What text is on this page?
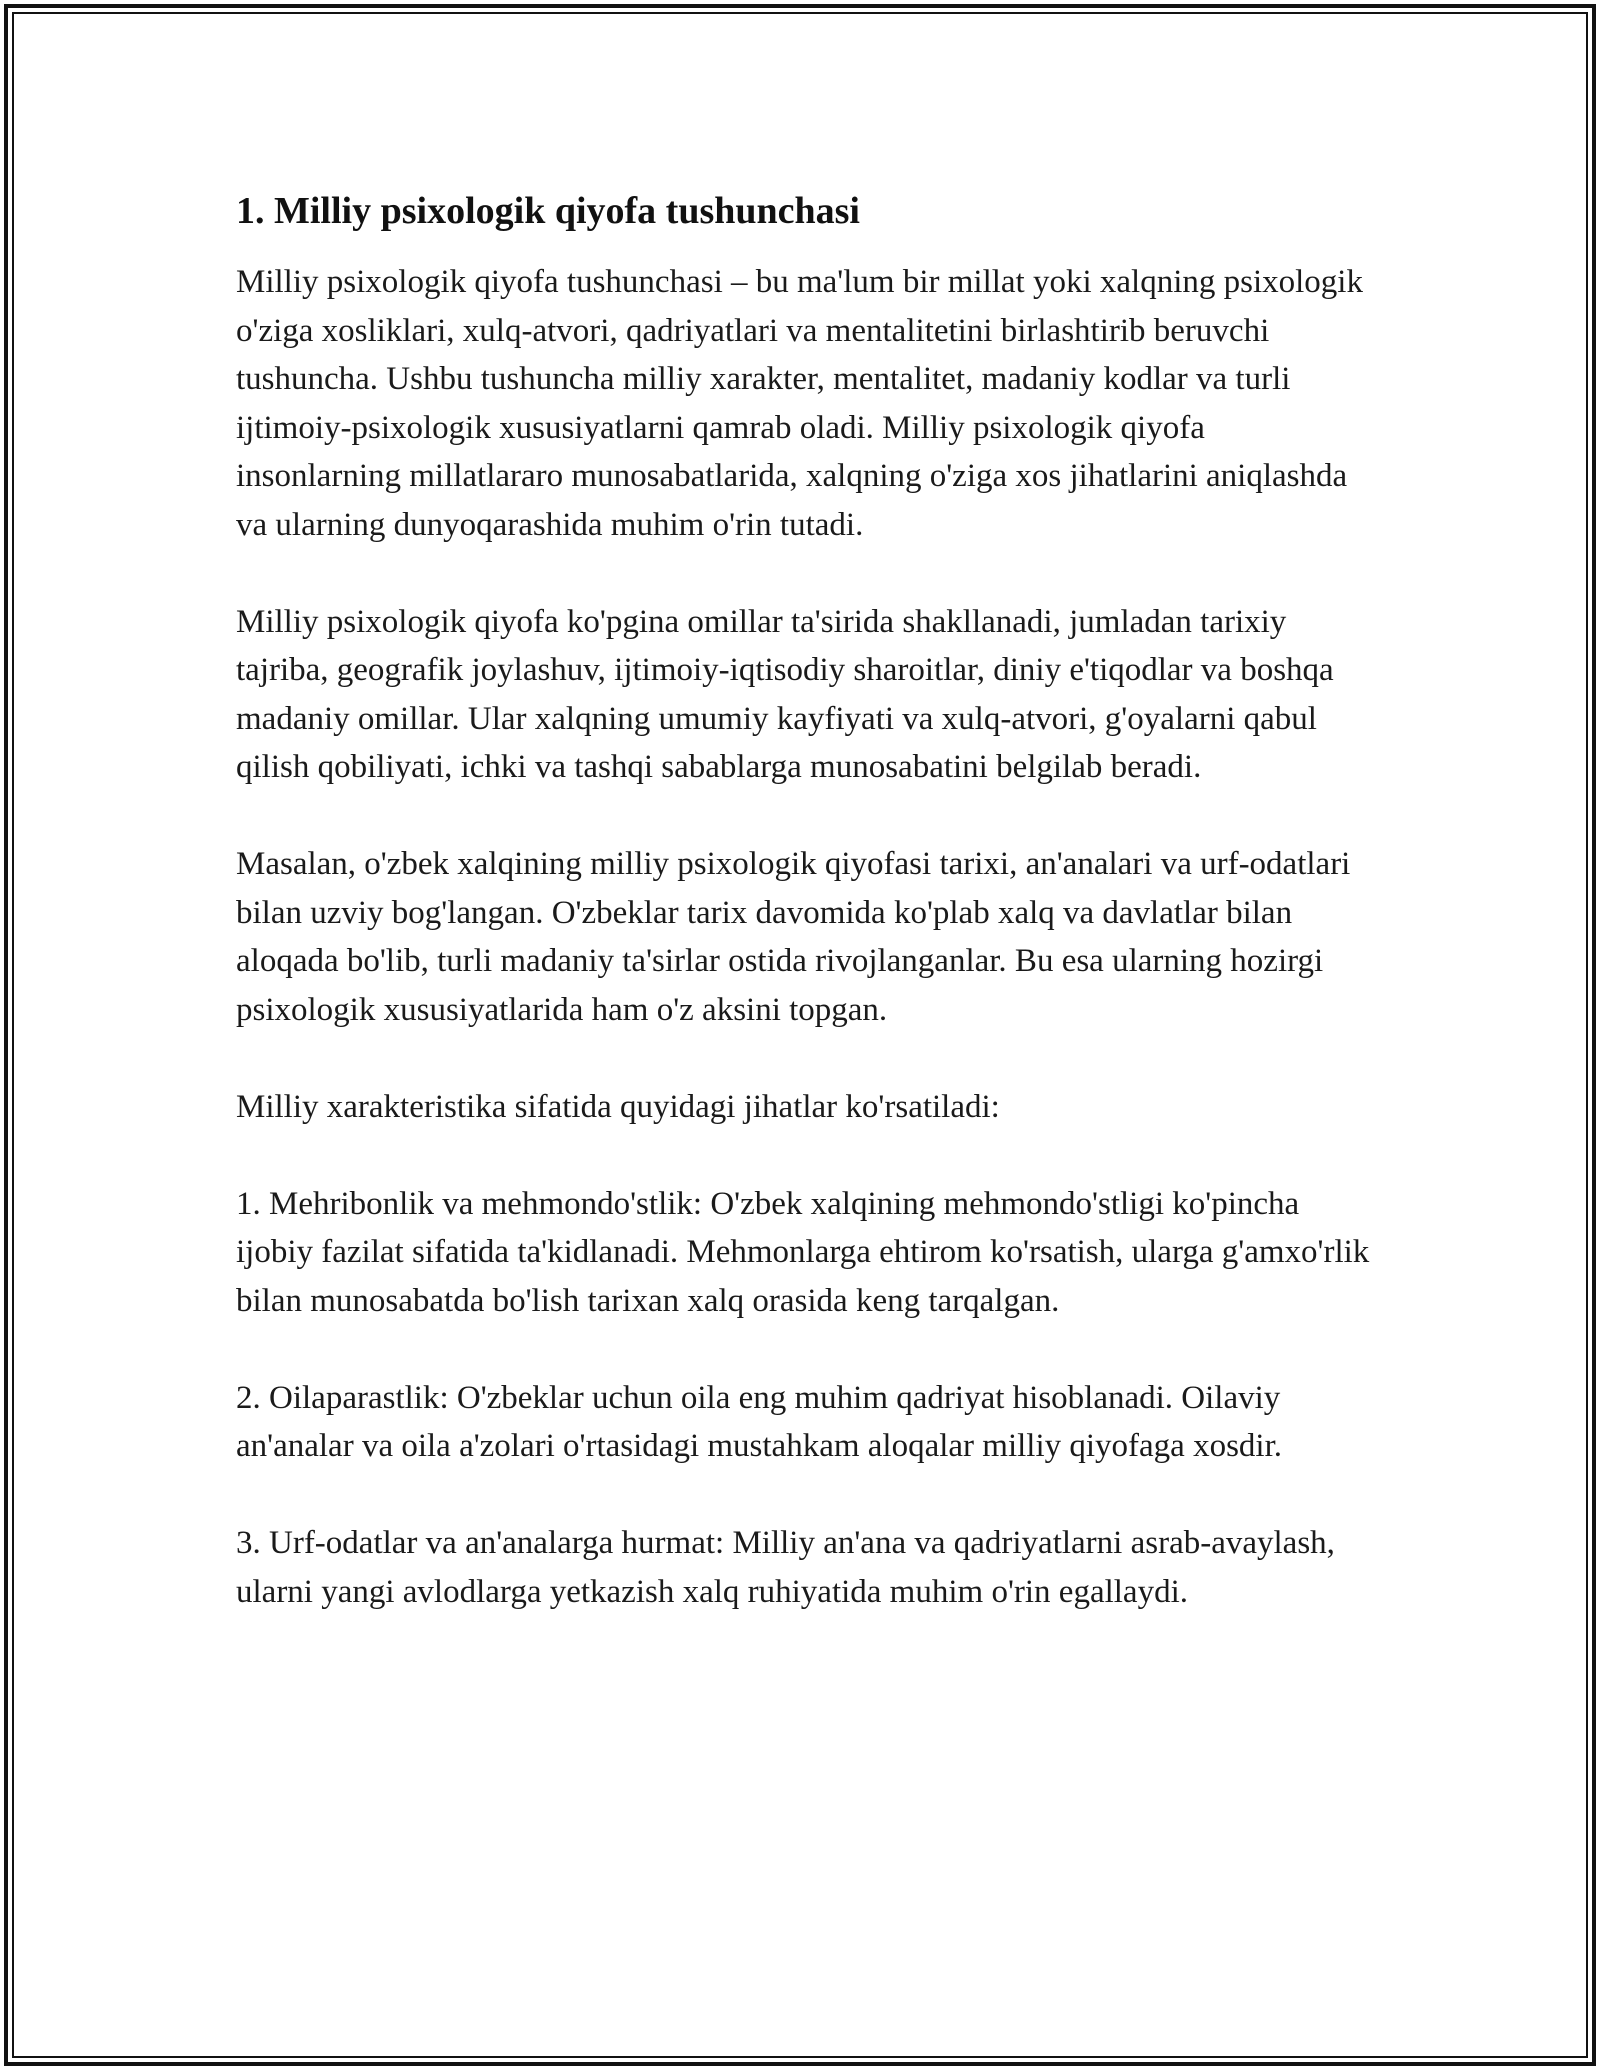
1. Milliy psixologik qiyofa tushunchasi

Milliy psixologik qiyofa tushunchasi – bu ma'lum bir millat yoki xalqning psixologik o'ziga xosliklari, xulq-atvori, qadriyatlari va mentalitetini birlashtirib beruvchi tushuncha. Ushbu tushuncha milliy xarakter, mentalitet, madaniy kodlar va turli ijtimoiy-psixologik xususiyatlarni qamrab oladi. Milliy psixologik qiyofa insonlarning millatlararo munosabatlarida, xalqning o'ziga xos jihatlarini aniqlashda va ularning dunyoqarashida muhim o'rin tutadi.

Milliy psixologik qiyofa ko'pgina omillar ta'sirida shakllanadi, jumladan tarixiy tajriba, geografik joylashuv, ijtimoiy-iqtisodiy sharoitlar, diniy e'tiqodlar va boshqa madaniy omillar. Ular xalqning umumiy kayfiyati va xulq-atvori, g'oyalarni qabul qilish qobiliyati, ichki va tashqi sabablarga munosabatini belgilab beradi.

Masalan, o'zbek xalqining milliy psixologik qiyofasi tarixi, an'analari va urf-odatlari bilan uzviy bog'langan. O'zbeklar tarix davomida ko'plab xalq va davlatlar bilan aloqada bo'lib, turli madaniy ta'sirlar ostida rivojlanganlar. Bu esa ularning hozirgi psixologik xususiyatlarida ham o'z aksini topgan.

Milliy xarakteristika sifatida quyidagi jihatlar ko'rsatiladi:

1. Mehribonlik va mehmondo'stlik: O'zbek xalqining mehmondo'stligi ko'pincha ijobiy fazilat sifatida ta'kidlanadi. Mehmonlarga ehtirom ko'rsatish, ularga g'amxo'rlik bilan munosabatda bo'lish tarixan xalq orasida keng tarqalgan.

2. Oilaparastlik: O'zbeklar uchun oila eng muhim qadriyat hisoblanadi. Oilaviy an'analar va oila a'zolari o'rtasidagi mustahkam aloqalar milliy qiyofaga xosdir.

3. Urf-odatlar va an'analarga hurmat: Milliy an'ana va qadriyatlarni asrab-avaylash, ularni yangi avlodlarga yetkazish xalq ruhiyatida muhim o'rin egallaydi.
